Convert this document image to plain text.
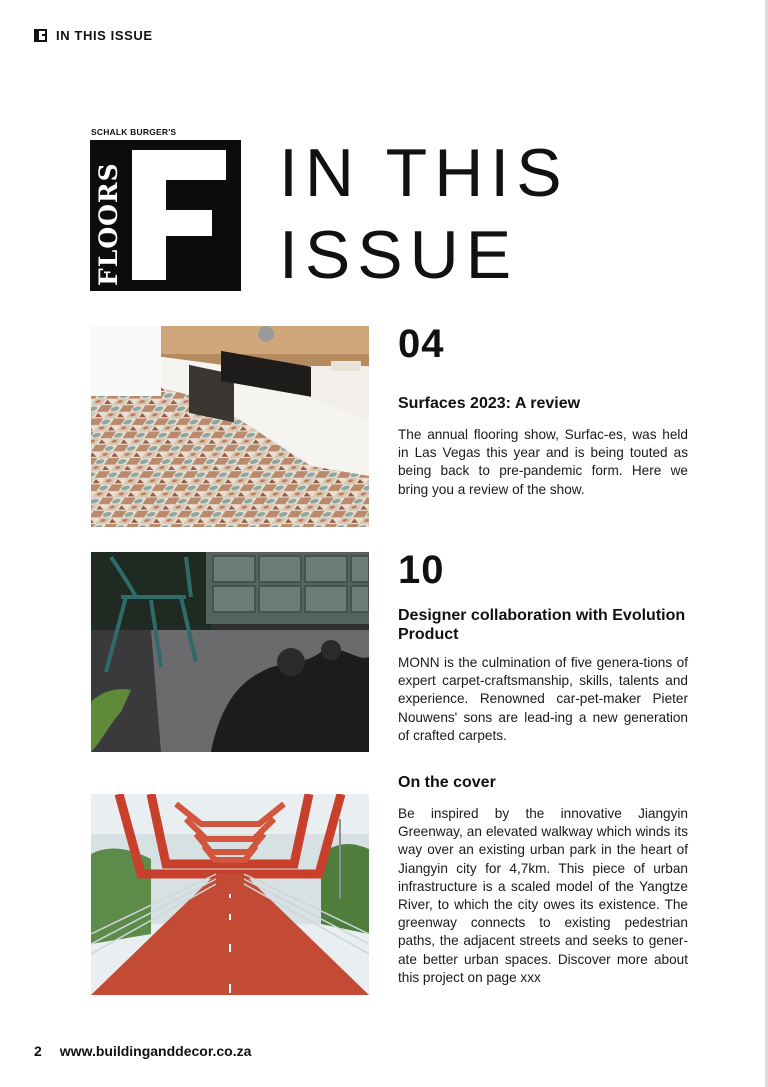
IN THIS ISSUE
SCHALK BURGER'S
FLOORS IN THIS
ISSUE
04
Surfaces 2023: A review

The annual flooring show, Surfac-es, was held in Las Vegas this year and is being touted as being back to pre-pandemic form. Here we bring you a review of the show.

10
Designer collaboration with Evolution Product

MONN is the culmination of five genera-tions of expert carpet-craftsmanship, skills, talents and experience. Renowned car-pet-maker Pieter Nouwens' sons are lead-ing a new generation of crafted carpets.

On the cover

Be inspired by the innovative Jiangyin Greenway, an elevated walkway which winds its way over an existing urban park in the heart of Jiangyin city for 4,7km. This piece of urban infrastructure is a scaled model of the Yangtze River, to which the city owes its existence. The greenway connects to existing pedestrian paths, the adjacent streets and seeks to gener-ate better urban spaces. Discover more about this project on page xxx

2 www.buildinganddecor.co.za
